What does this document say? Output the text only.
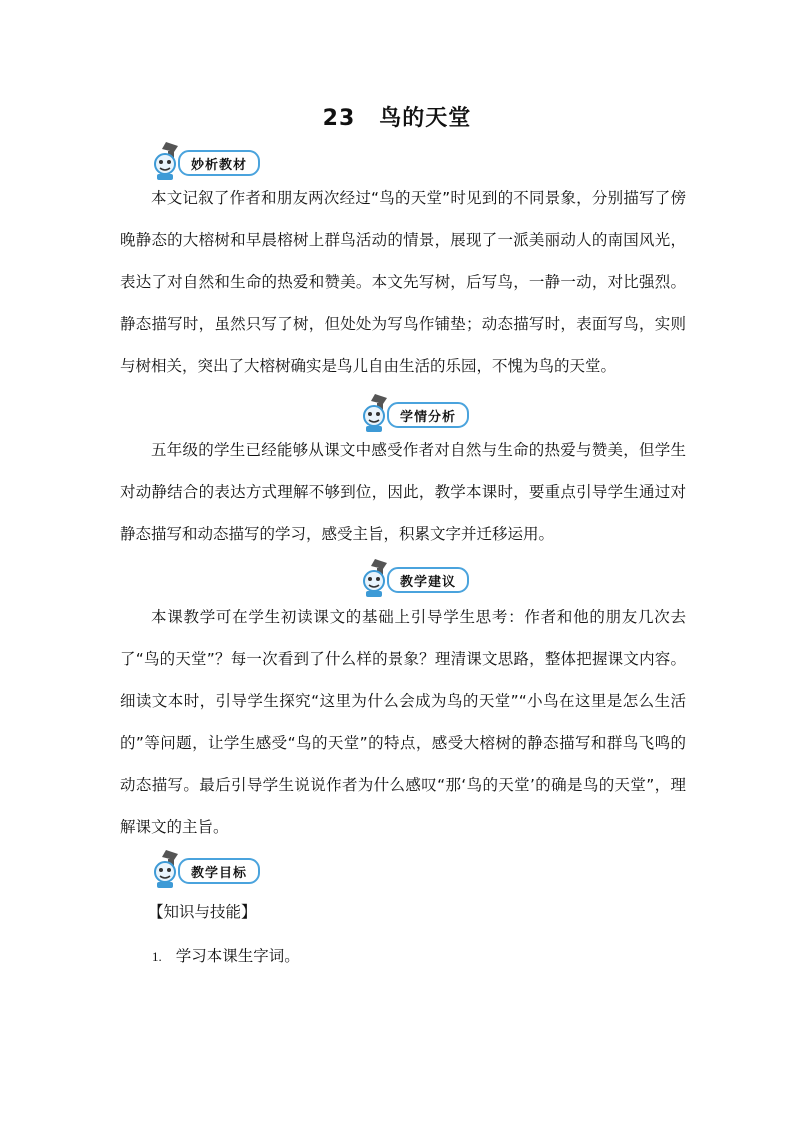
23 鸟的天堂
妙析教材

本文记叙了作者和朋友两次经过“鸟的天堂”时见到的不同景象，分别描写了傍晚静态的大榕树和早晨榕树上群鸟活动的情景，展现了一派美丽动人的南国风光，表达了对自然和生命的热爱和赞美。本文先写树，后写鸟，一静一动，对比强烈。静态描写时，虽然只写了树，但处处为写鸟作铺垫；动态描写时，表面写鸟，实则与树相关，突出了大榕树确实是鸟儿自由生活的乐园，不愧为鸟的天堂。

学情分析

五年级的学生已经能够从课文中感受作者对自然与生命的热爱与赞美，但学生对动静结合的表达方式理解不够到位，因此，教学本课时，要重点引导学生通过对静态描写和动态描写的学习，感受主旨，积累文字并迁移运用。

教学建议

本课教学可在学生初读课文的基础上引导学生思考：作者和他的朋友几次去了“鸟的天堂”？每一次看到了什么样的景象？理清课文思路，整体把握课文内容。细读文本时，引导学生探究“这里为什么会成为鸟的天堂”“小鸟在这里是怎么生活的”等问题，让学生感受“鸟的天堂”的特点，感受大榕树的静态描写和群鸟飞鸣的动态描写。最后引导学生说说作者为什么感叹“那‘鸟的天堂’的确是鸟的天堂”，理解课文的主旨。

教学目标
【知识与技能】
1. 学习本课生字词。
